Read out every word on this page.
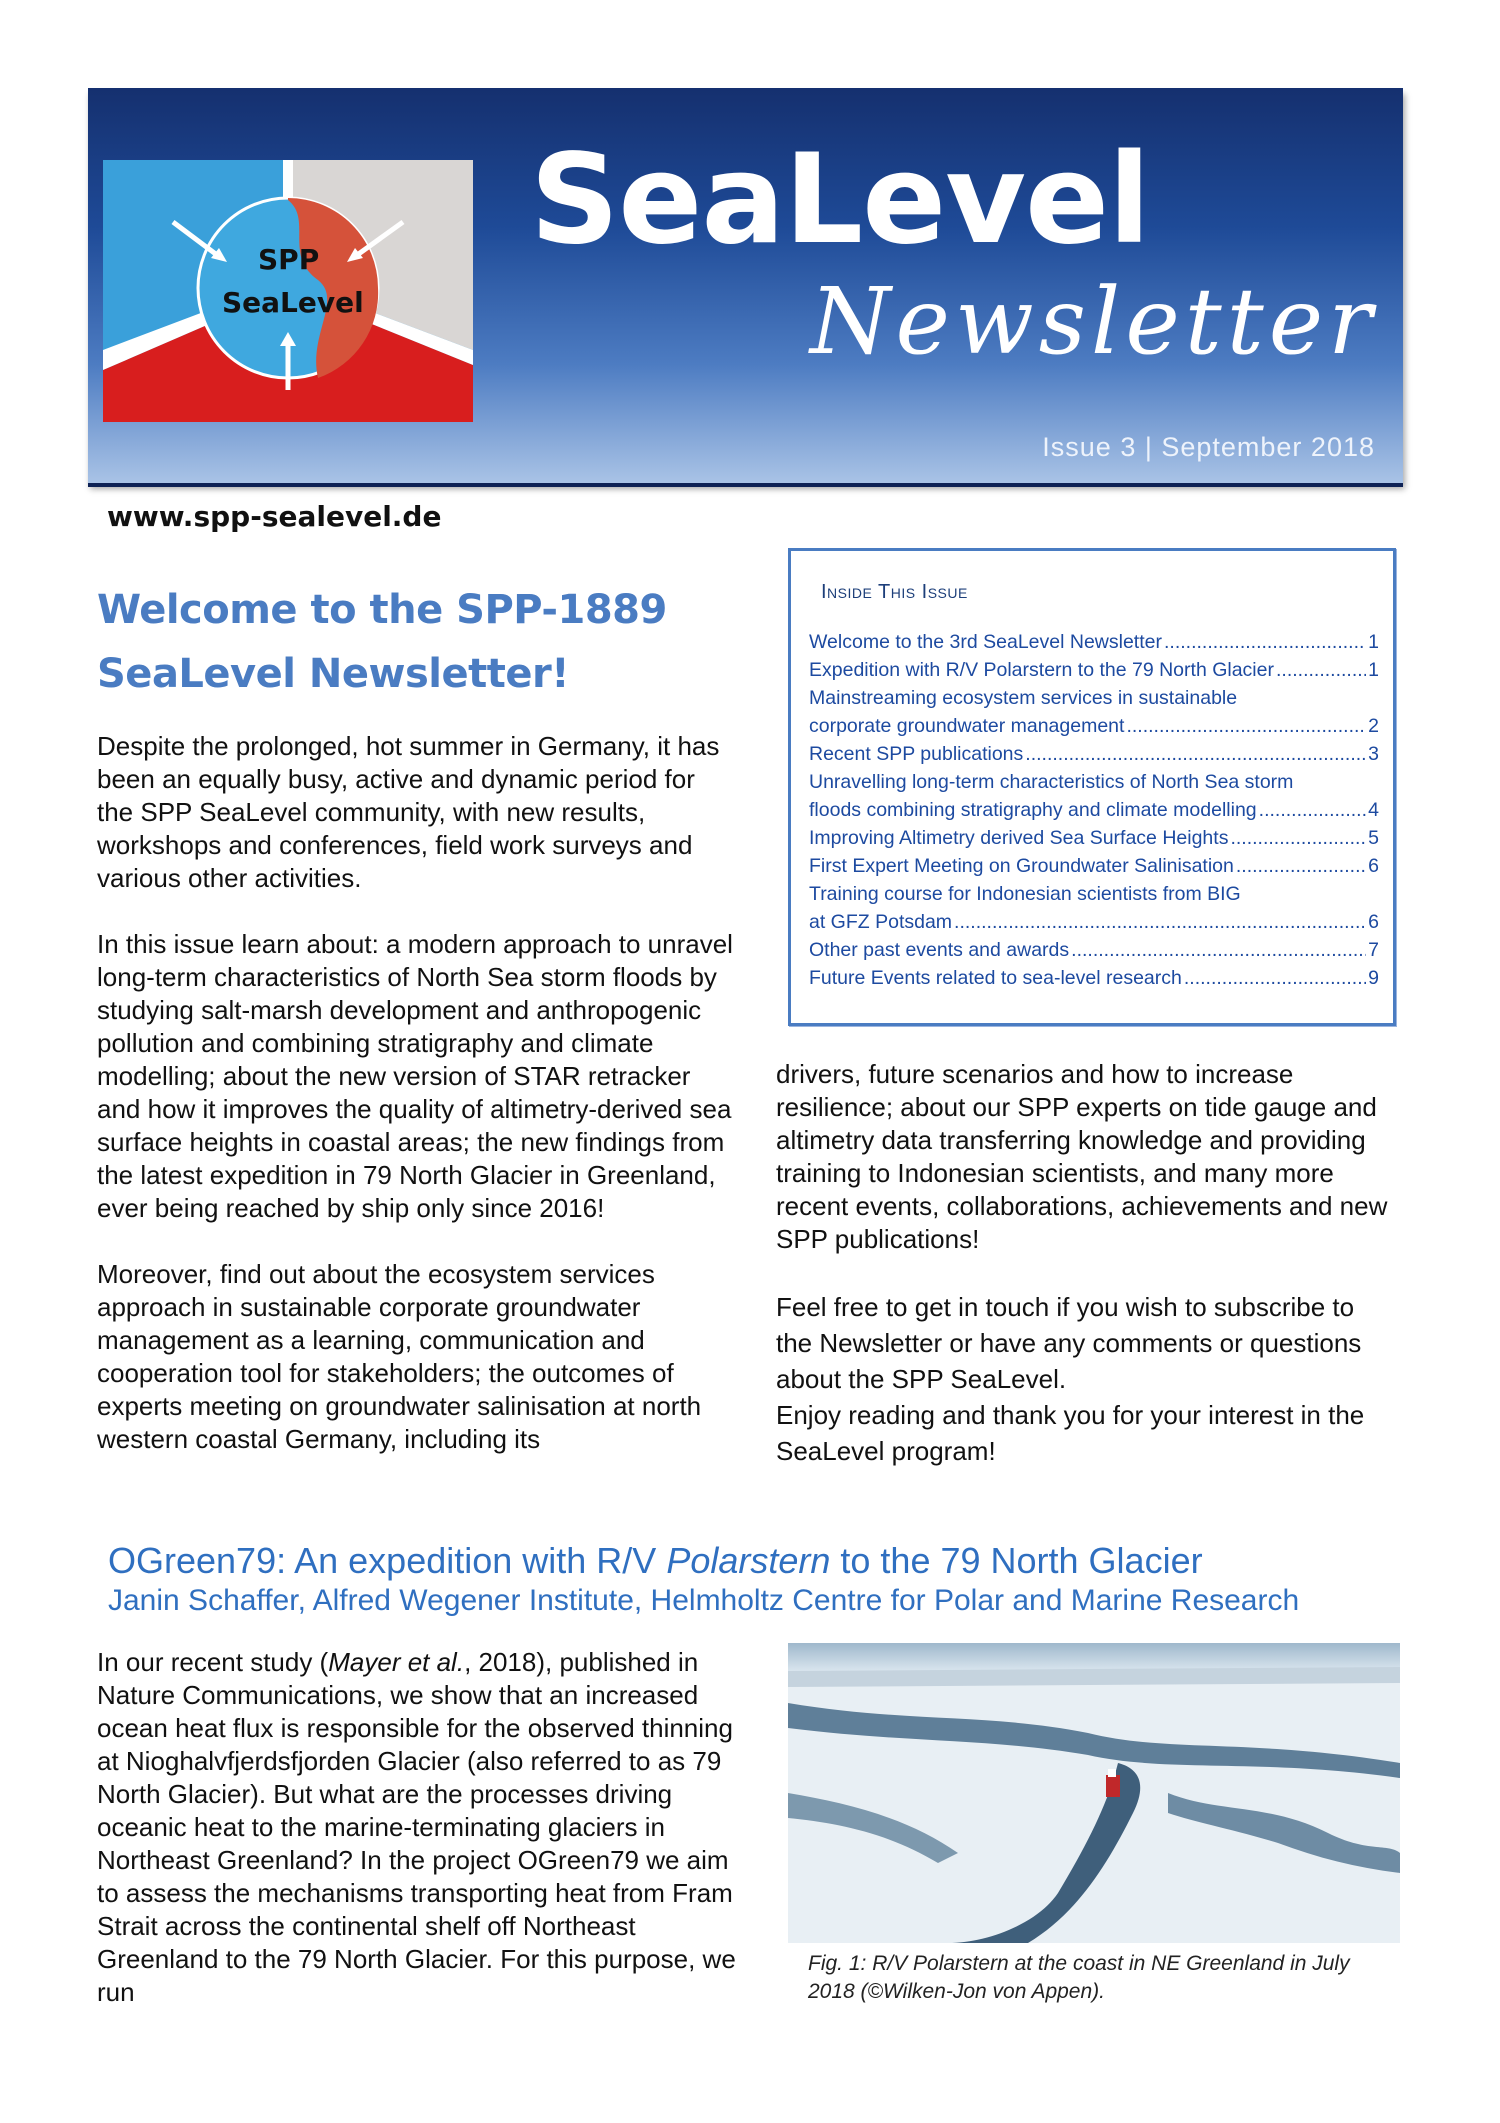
SPP
SeaLevel
SeaLevel
Newsletter
Issue 3 | September 2018
www.spp-sealevel.de
Welcome to the SPP-1889
SeaLevel Newsletter!

Despite the prolonged, hot summer in Germany, it has been an equally busy, active and dynamic period for the SPP SeaLevel community, with new results, workshops and conferences, field work surveys and various other activities.

In this issue learn about: a modern approach to unravel long-term characteristics of North Sea storm floods by studying salt-marsh development and anthropogenic pollution and combining stratigraphy and climate modelling; about the new version of STAR retracker and how it improves the quality of altimetry-derived sea surface heights in coastal areas; the new findings from the latest expedition in 79 North Glacier in Greenland, ever being reached by ship only since 2016!

Moreover, find out about the ecosystem services approach in sustainable corporate groundwater management as a learning, communication and cooperation tool for stakeholders; the outcomes of experts meeting on groundwater salinisation at north western coastal Germany, including its

Inside This Issue
Welcome to the 3rd SeaLevel Newsletter .....	1
Expedition with R/V Polarstern to the 79 North Glacier .....	1
Mainstreaming ecosystem services in sustainable
corporate groundwater management .....	2
Recent SPP publications .....	3
Unravelling long-term characteristics of North Sea storm
floods combining stratigraphy and climate modelling .....	4
Improving Altimetry derived Sea Surface Heights .....	5
First Expert Meeting on Groundwater Salinisation .....	6
Training course for Indonesian scientists from BIG
at GFZ Potsdam .....	6
Other past events and awards .....	7
Future Events related to sea-level research .....	9

drivers, future scenarios and how to increase resilience; about our SPP experts on tide gauge and altimetry data transferring knowledge and providing training to Indonesian scientists, and many more recent events, collaborations, achievements and new SPP publications!

Feel free to get in touch if you wish to subscribe to

the Newsletter or have any comments or questions

about the SPP SeaLevel.

Enjoy reading and thank you for your interest in the

SeaLevel program!

OGreen79: An expedition with R/V Polarstern to the 79 North Glacier
Janin Schaffer, Alfred Wegener Institute, Helmholtz Centre for Polar and Marine Research

In our recent study (Mayer et al., 2018), published in Nature Communications, we show that an increased ocean heat flux is responsible for the observed thinning at Nioghalvfjerdsfjorden Glacier (also referred to as 79 North Glacier). But what are the processes driving oceanic heat to the marine-terminating glaciers in Northeast Greenland? In the project OGreen79 we aim to assess the mechanisms transporting heat from Fram Strait across the continental shelf off Northeast Greenland to the 79 North Glacier. For this purpose, we run

Fig. 1: R/V Polarstern at the coast in NE Greenland in July 2018 (©Wilken-Jon von Appen).
